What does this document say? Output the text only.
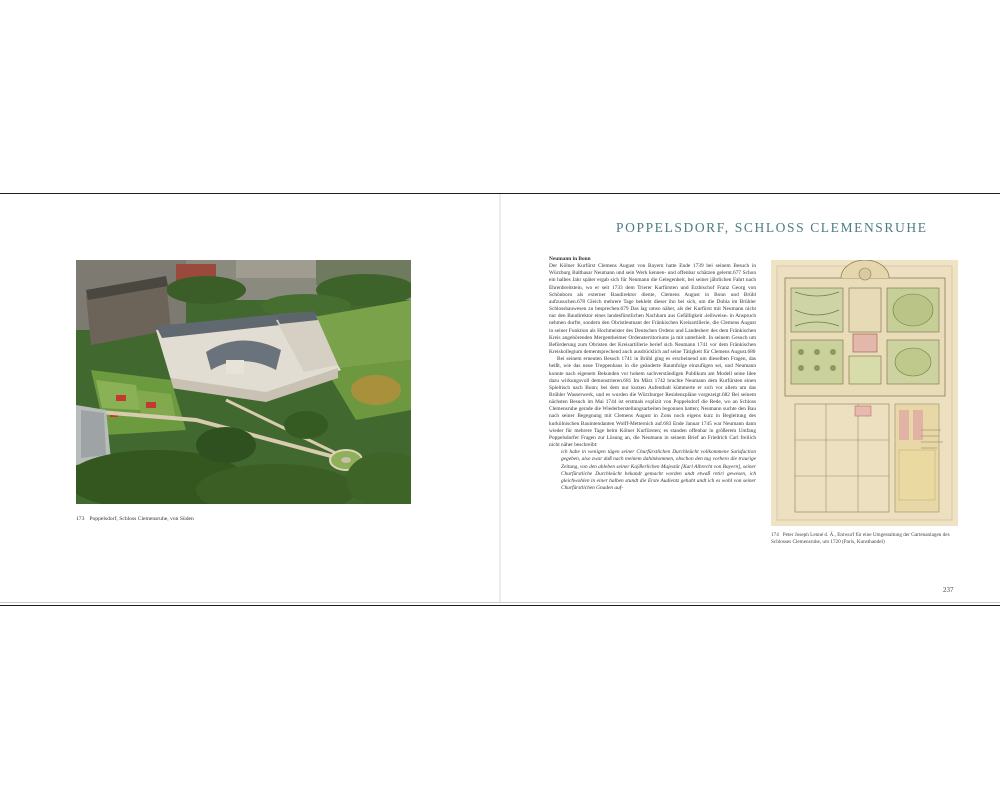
173 Poppelsdorf, Schloss Clemensruhe, von Süden
POPPELSDORF, SCHLOSS CLEMENSRUHE

Neumann in Bonn

Der Kölner Kurfürst Clemens August von Bayern hatte Ende 1739 bei seinem Besuch in Würzburg Balthasar Neumann und sein Werk kennen- und offenbar schätzen gelernt.677 Schon ein halbes Jahr später ergab sich für Neumann die Gelegenheit, bei seiner jährlichen Fahrt nach Ehrenbreitstein, wo er seit 1733 dem Trierer Kurfürsten und Erzbischof Franz Georg von Schönborn als externer Baudirektor diente, Clemens August in Bonn und Brühl aufzusuchen.678 Gleich mehrere Tage beklebt dieser ihn bei sich, um die Dubia im Brühler Schlossbauwesen zu besprechen.679 Das lag umso näher, als der Kurfürst mit Neumann nicht nur den Baudirektor eines landesfürstlichen Nachbarn aus Gefälligkeit ›leihweise‹ in Anspruch nehmen durfte, sondern den Obristleutnant der Fränkischen Kreisartillerie, die Clemens August in seiner Funktion als Hochmeister des Deutschen Ordens und Landesherr des dem Fränkischen Kreis angehörenden Mergentheimer Ordensterritoriums ja mit unterhielt. In seinem Gesuch um Beförderung zum Obristen der Kreisartillerie berief sich Neumann 1741 vor dem Fränkischen Kreiskollegium dementsprechend auch ausdrücklich auf seine Tätigkeit für Clemens August.680

Bei seinem erneuten Besuch 1741 in Brühl ging es erscheinend um dieselben Fragen, das heißt, wie das neue Treppenhaus in die geänderte Raumfolge einzufügen sei, und Neumann konnte nach eigenem Bekunden vor hohem sachverständigen Publikum am Modell seine Idee dazu wirkungsvoll demonstrieren.681 Im März 1742 brachte Neumann dem Kurfürsten einen Spieltisch nach Bonn; bei dem nur kurzen Aufenthalt kümmerte er sich vor allem um das Brühler Wasserwerk, und es wurden die Würzburger Residenzpläne vorgezeigt.682 Bei seinem nächsten Besuch im Mai 1744 ist erstmals explizit von Poppelsdorf die Rede, wo an Schloss Clemensruhe gerade die Wiederherstellungsarbeiten begonnen hatten; Neumann suchte den Bau nach seiner Begegnung mit Clemens August in Zons noch eigens kurz in Begleitung des kurkölnischen Bauintendanten Wolff-Metternich auf.683 Ende Januar 1745 war Neumann dann wieder für mehrere Tage beim Kölner Kurfürsten; es standen offenbar in größerem Umfang Poppelsdorfer Fragen zur Lösung an, die Neumann in seinem Brief an Friedrich Carl freilich nicht näher beschreibt:

ich habe in wenigen tägen seiner Churfürstlichen Durchleücht vollkommene Satisfaction gegeben, also zwar daß nach meinem dahinkommen, obschon den tag vorhero die traurige Zeitung, von den ableben seiner Kaÿßerlichen Majestät [Karl Albrecht von Bayern], seiner Churfürstliche Durchleücht bekandt gemacht worden undt etwaß retiri gewesen, ich gleichwohlen in einer halben stundt die Erste Audientz gehabt undt ich es wohl von seiner Churfürstlichen Gnaden auf-

174 Peter Joseph Lenné d. Ä., Entwurf für eine Umgestaltung der Gartenanlagen des Schlosses Clemensruhe, um 1720 (Paris, Kunsthandel)
237
